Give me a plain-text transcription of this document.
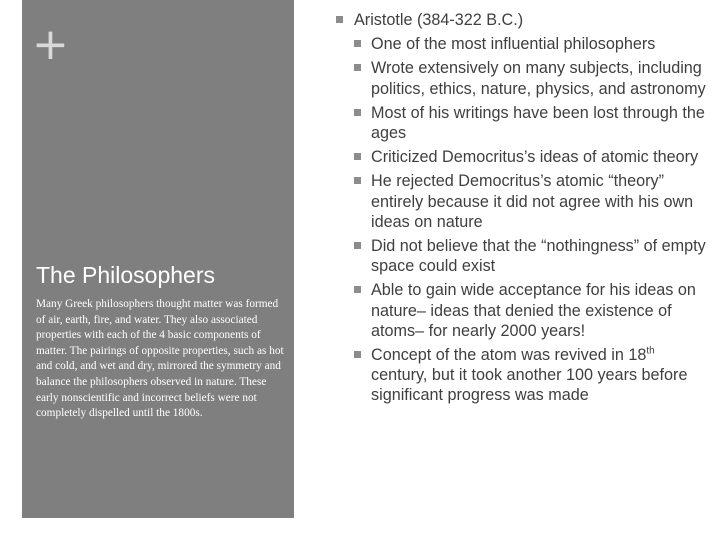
+
The Philosophers
Many Greek philosophers thought matter was formed of air, earth, fire, and water. They also associated properties with each of the 4 basic components of matter. The pairings of opposite properties, such as hot and cold, and wet and dry, mirrored the symmetry and balance the philosophers observed in nature. These early nonscientific and incorrect beliefs were not completely dispelled until the 1800s.
Aristotle (384-322 B.C.)
One of the most influential philosophers
Wrote extensively on many subjects, including politics, ethics, nature, physics, and astronomy
Most of his writings have been lost through the ages
Criticized Democritus’s ideas of atomic theory
He rejected Democritus’s atomic “theory” entirely because it did not agree with his own ideas on nature
Did not believe that the “nothingness” of empty space could exist
Able to gain wide acceptance for his ideas on nature– ideas that denied the existence of atoms– for nearly 2000 years!
Concept of the atom was revived in 18th century, but it took another 100 years before significant progress was made
